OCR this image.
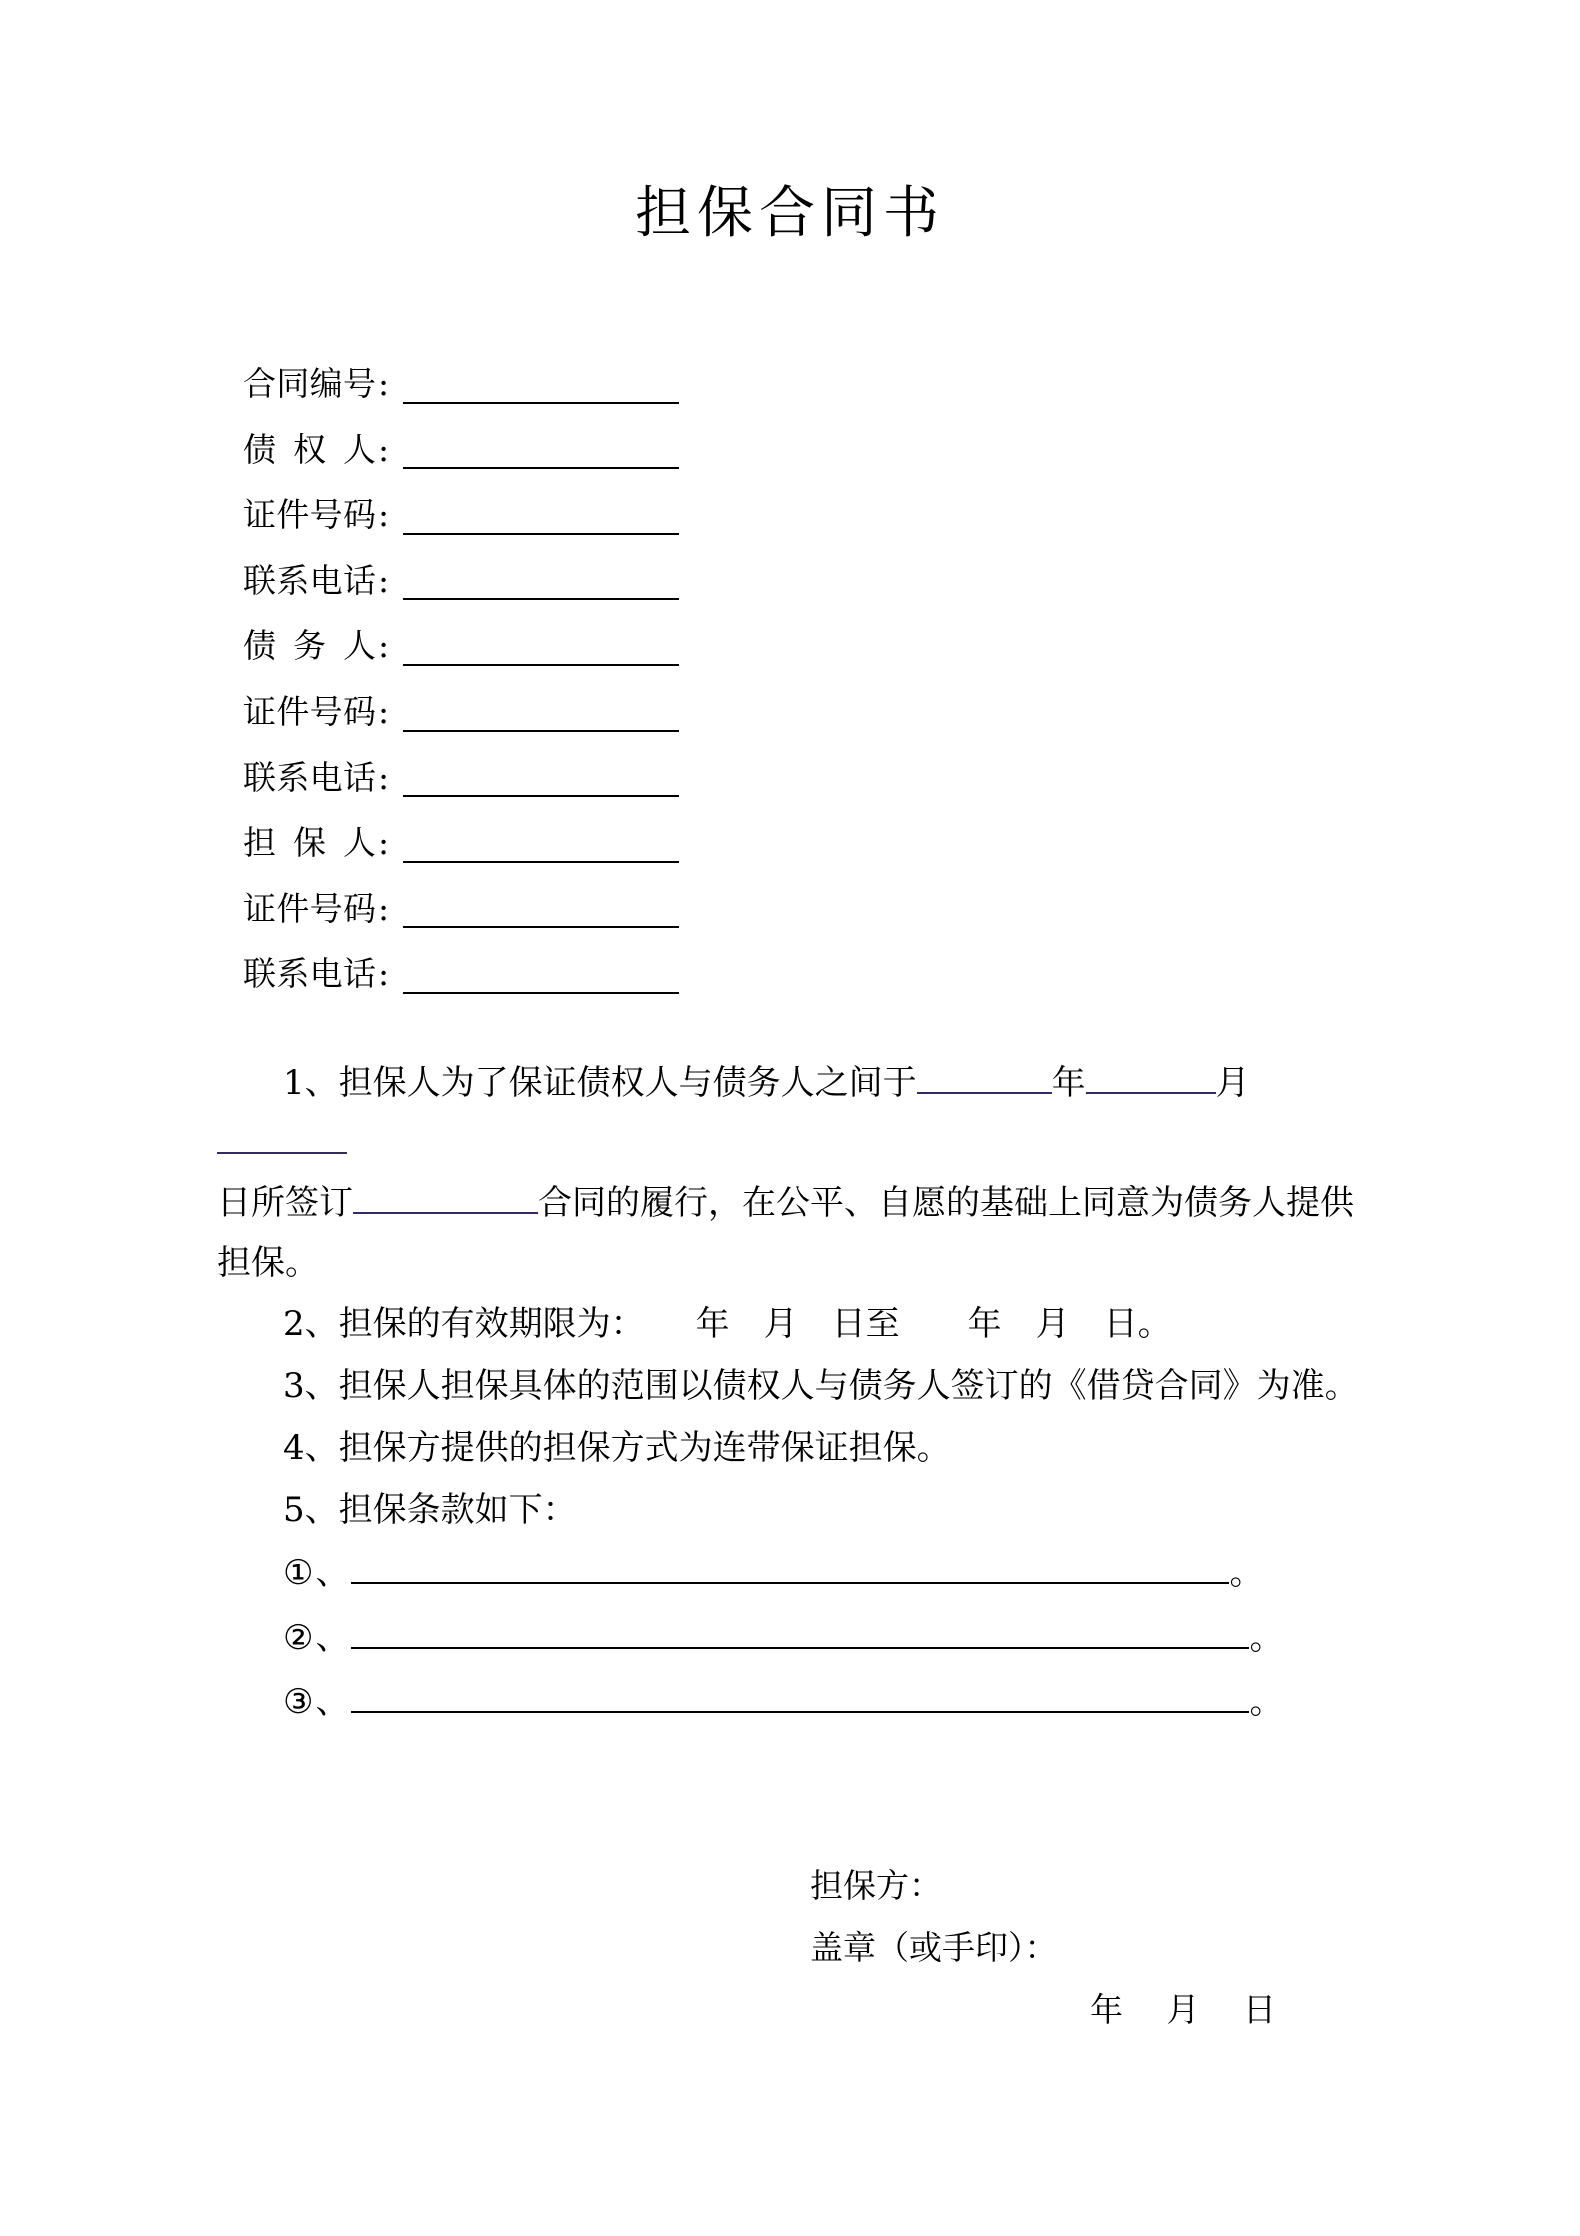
担保合同书
合同编号 :
债 权 人 :
证件号码 :
联系电话 :
债 务 人 :
证件号码 :
联系电话 :
担 保 人 :
证件号码 :
联系电话 :
1、担保人为了保证债权人与债务人之间于	年	月
日所签订	合同的履行，在公平、自愿的基础上同意为债务人提供
担保。
2、担保的有效期限为：　　年　月　日至　　年　月　日。
3、担保人担保具体的范围以债权人与债务人签订的《借贷合同》为准。
4、担保方提供的担保方式为连带保证担保。
5、担保条款如下：
①、	。
②、	。
③、	。
担保方：
盖章（或手印）：
年　 月　 日
